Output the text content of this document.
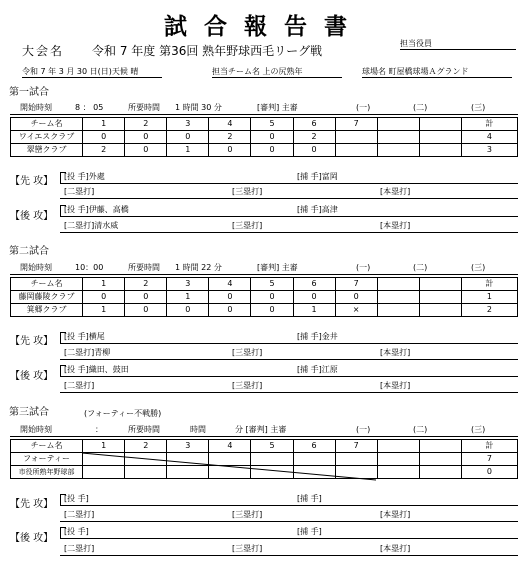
試合報告書
担当役員
大会名 令和 7 年度 第36回 熟年野球西毛リーグ戦
令和 7 年 3 月 30 日(日)天候 晴	担当チーム名 上の尻熟年	球場名 町屋橋球場Ａグランド
第一試合
開始時刻	8 ： 05	所要時間 1 時間 30 分	[審判] 主審	(一)	(二)	(三)
チーム名	1	2	3	4	5	6	7			計
ワイエスクラブ	0	0	0	2	0	2				4
翠巒クラブ	2	0	1	0	0	0				3
【先 攻】 [投 手]外處	[捕 手]富岡
[二塁打]	[三塁打]	[本塁打]
【後 攻】
[投 手]伊藤、高橋	[捕 手]高津
[二塁打]清水威	[三塁打]	[本塁打]
第二試合
開始時刻	10：00	所要時間 1 時間 22 分	[審判] 主審	(一)	(二)	(三)
チーム名	1	2	3	4	5	6	7			計
藤岡藤陵クラブ	0	0	1	0	0	0	0			1
箕郷クラブ	1	0	0	0	0	1	×			2
【先 攻】 [投 手]横尾	[捕 手]金井
[二塁打]青柳	[三塁打]	[本塁打]
【後 攻】
[投 手]織田、鼓田	[捕 手]江原
[二塁打]	[三塁打]	[本塁打]
第三試合	(フォーティー不戦勝)
開始時刻	：	所要時間	時間	分 [審判] 主審	(一)	(二)	(三)
チーム名	1	2	3	4	5	6	7			計
フォーティー										7
市役所熟年野球部										0
【先 攻】
[投 手]	[捕 手]
[二塁打]	[三塁打]	[本塁打]
【後 攻】
[投 手]	[捕 手]
[二塁打]	[三塁打]	[本塁打]
